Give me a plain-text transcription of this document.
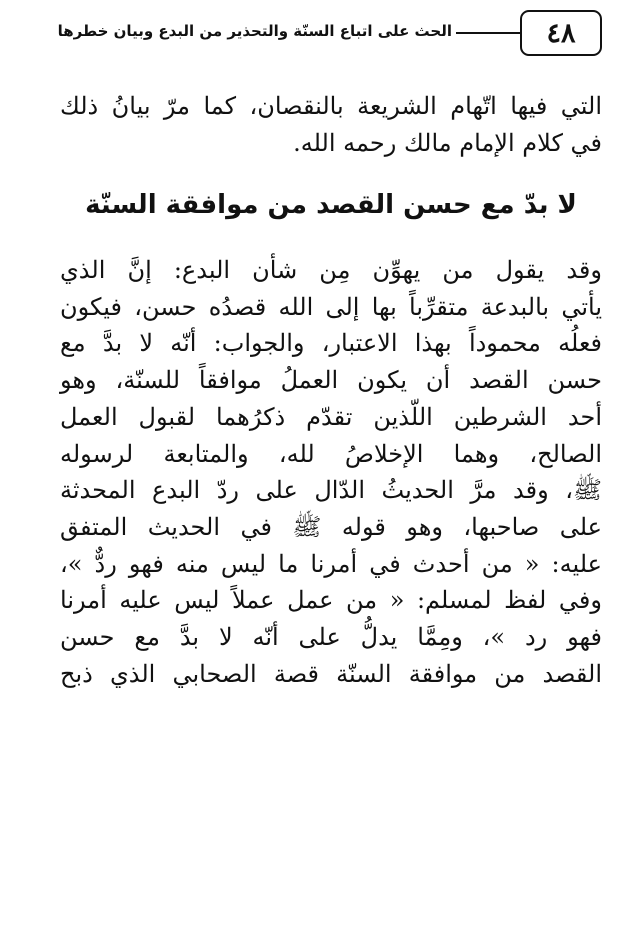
٤٨
الحث على اتباع السنّة والتحذير من البدع وبيان خطرها
التي فيها اتّهام الشريعة بالنقصان، كما مرّ بيانُ ذلك
في كلام الإمام مالك رحمه الله.
لا بدّ مع حسن القصد من موافقة السنّة
وقد يقول من يهوِّن مِن شأن البدع: إنَّ الذي
يأتي بالبدعة متقرِّباً بها إلى الله قصدُه حسن، فيكون
فعلُه محموداً بهذا الاعتبار، والجواب: أنّه لا بدَّ مع
حسن القصد أن يكون العملُ موافقاً للسنّة، وهو
أحد الشرطين اللّذين تقدّم ذكرُهما لقبول العمل
الصالح، وهما الإخلاصُ لله، والمتابعة لرسوله
ﷺ، وقد مرَّ الحديثُ الدّال على ردّ البدع المحدثة
على صاحبها، وهو قوله ﷺ في الحديث المتفق
عليه: « من أحدث في أمرنا ما ليس منه فهو ردٌّ »،
وفي لفظ لمسلم: « من عمل عملاً ليس عليه أمرنا
فهو رد »، ومِمَّا يدلُّ على أنّه لا بدَّ مع حسن
القصد من موافقة السنّة قصة الصحابي الذي ذبح
